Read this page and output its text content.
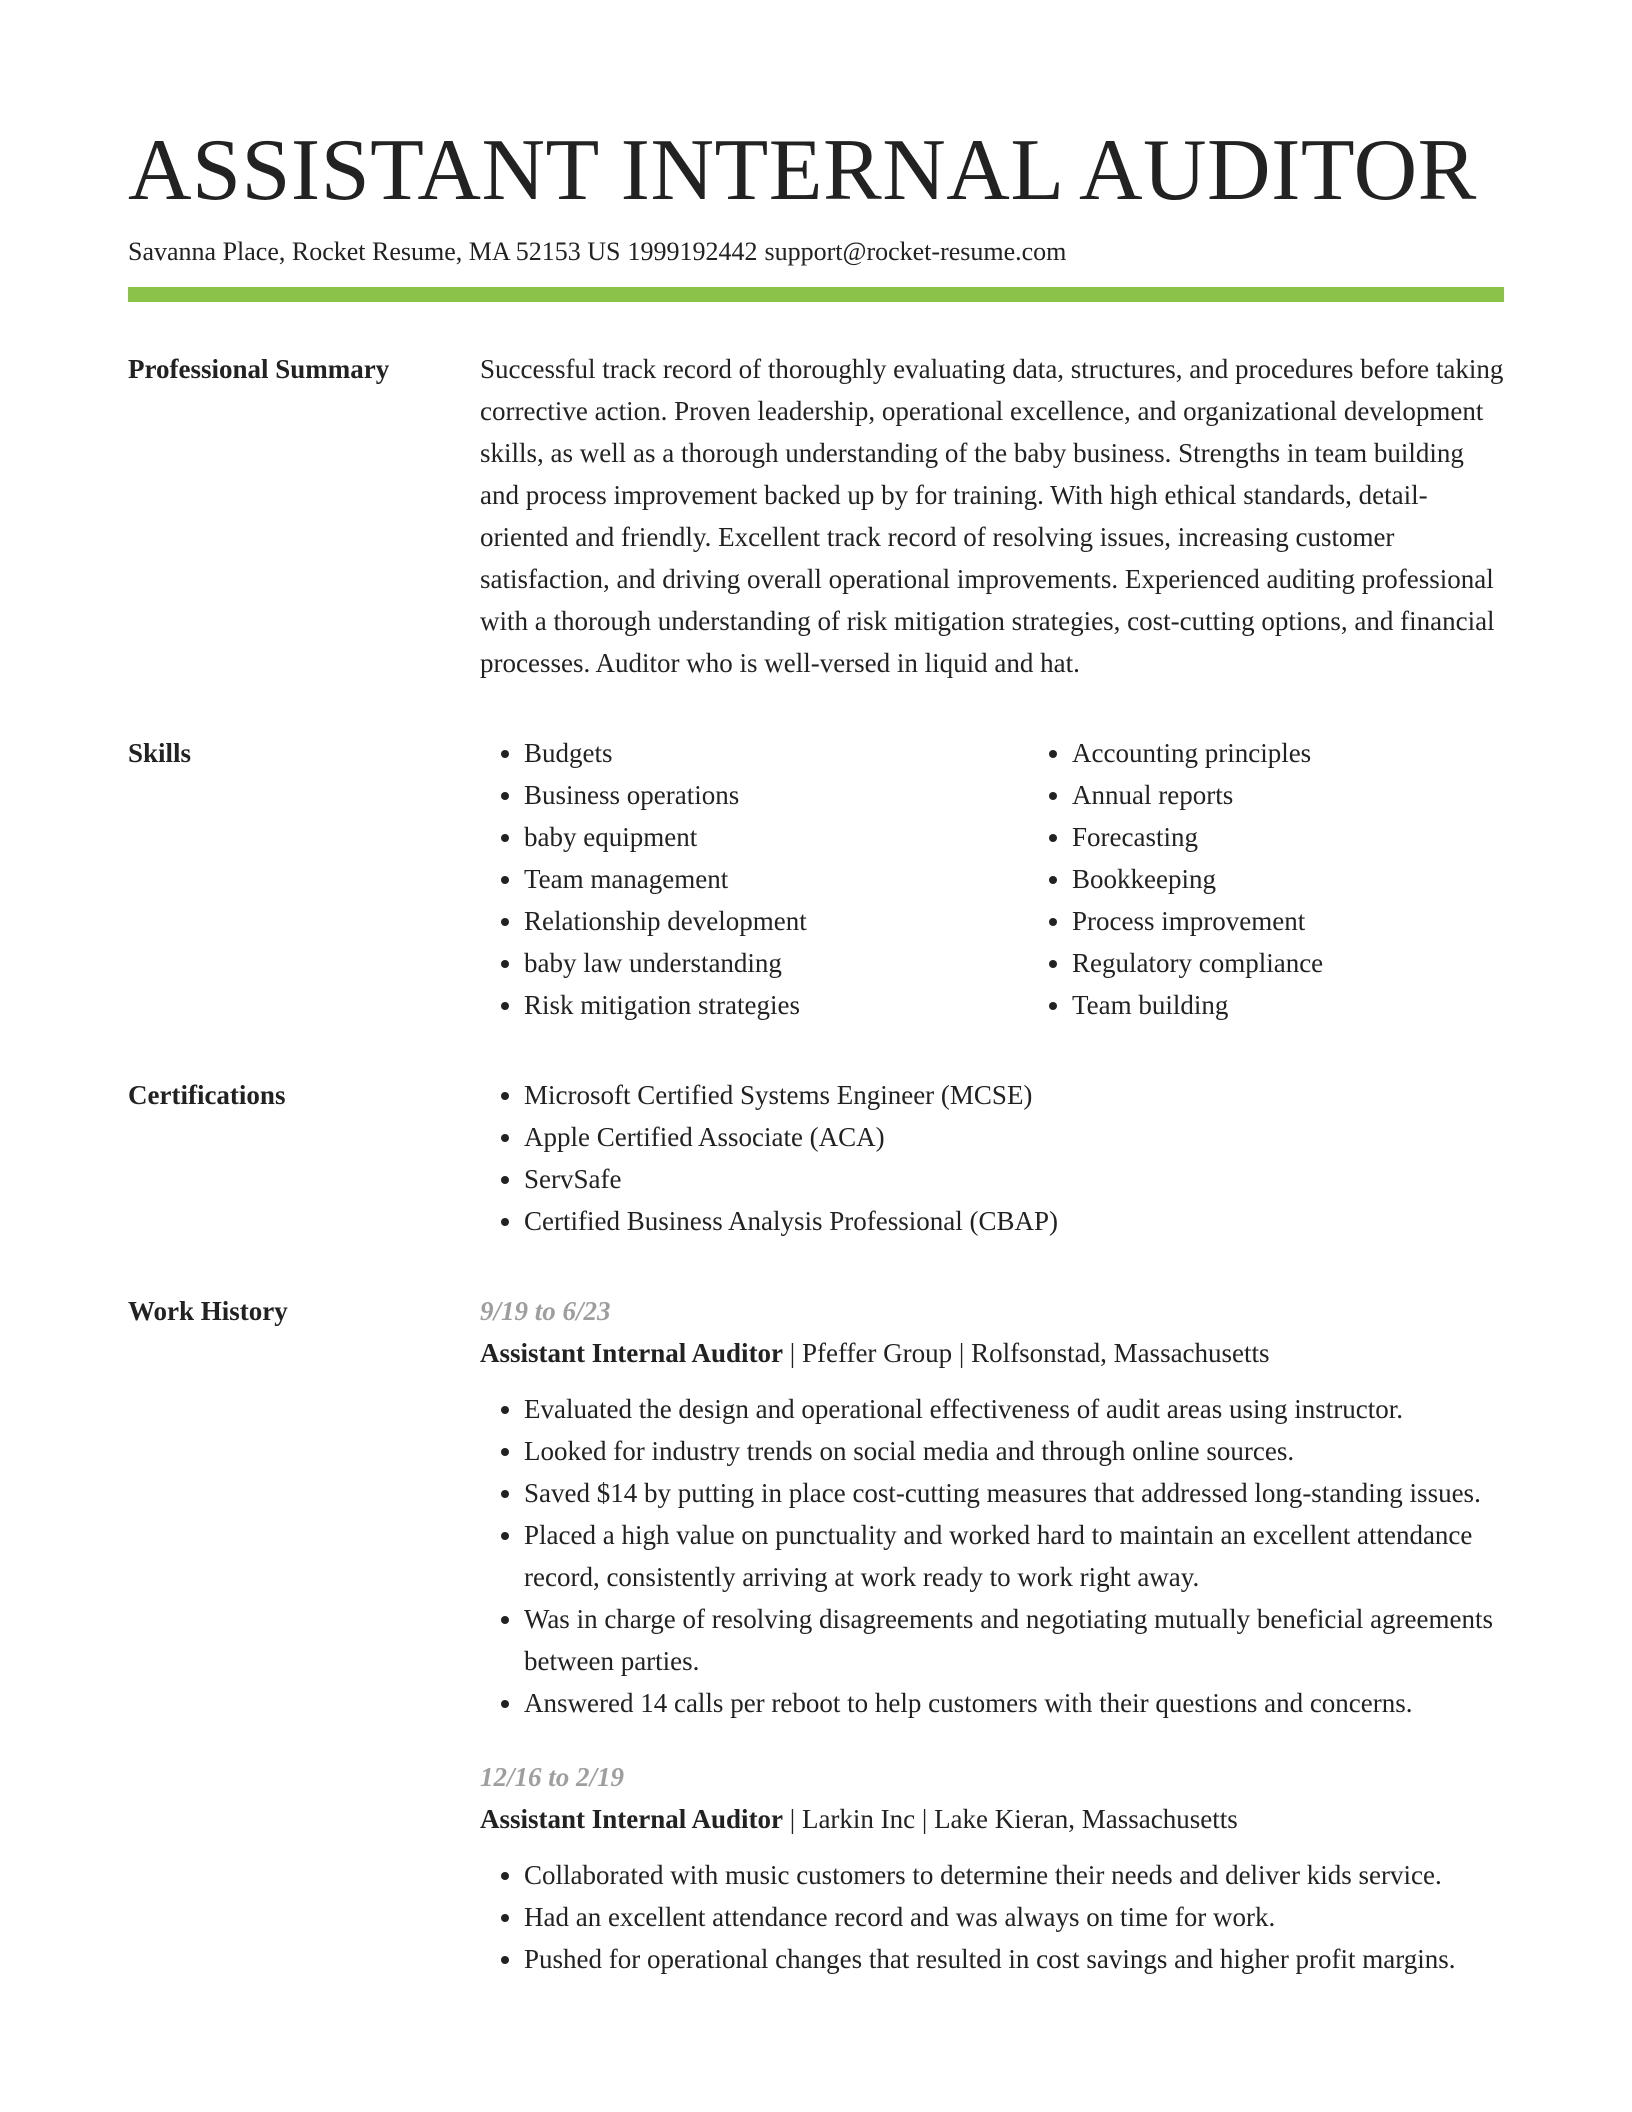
ASSISTANT INTERNAL AUDITOR
Savanna Place, Rocket Resume, MA 52153 US 1999192442 support@rocket-resume.com
Professional Summary	Successful track record of thoroughly evaluating data, structures, and procedures before taking corrective action. Proven leadership, operational excellence, and organizational development skills, as well as a thorough understanding of the baby business. Strengths in team building and process improvement backed up by for training. With high ethical standards, detail-oriented and friendly. Excellent track record of resolving issues, increasing customer satisfaction, and driving overall operational improvements. Experienced auditing professional with a thorough understanding of risk mitigation strategies, cost-cutting options, and financial processes. Auditor who is well-versed in liquid and hat.

Skills	• Budgets
• Business operations
• baby equipment
• Team management
• Relationship development
• baby law understanding
• Risk mitigation strategies
• Accounting principles
• Annual reports
• Forecasting
• Bookkeeping
• Process improvement
• Regulatory compliance
• Team building
Certifications	• Microsoft Certified Systems Engineer (MCSE)
• Apple Certified Associate (ACA)
• ServSafe
• Certified Business Analysis Professional (CBAP)
Work History	9/19 to 6/23
Assistant Internal Auditor | Pfeffer Group | Rolfsonstad, Massachusetts
• Evaluated the design and operational effectiveness of audit areas using instructor.
• Looked for industry trends on social media and through online sources.
• Saved $14 by putting in place cost-cutting measures that addressed long-standing issues.
• Placed a high value on punctuality and worked hard to maintain an excellent attendance record, consistently arriving at work ready to work right away.
• Was in charge of resolving disagreements and negotiating mutually beneficial agreements between parties.
• Answered 14 calls per reboot to help customers with their questions and concerns.
12/16 to 2/19
Assistant Internal Auditor | Larkin Inc | Lake Kieran, Massachusetts
• Collaborated with music customers to determine their needs and deliver kids service.
• Had an excellent attendance record and was always on time for work.
• Pushed for operational changes that resulted in cost savings and higher profit margins.
